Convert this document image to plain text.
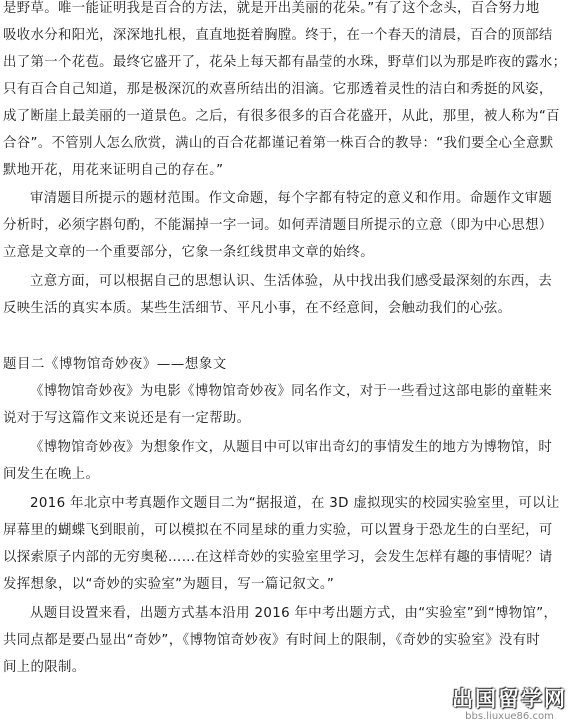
是野草。唯一能证明我是百合的方法，就是开出美丽的花朵。”有了这个念头，百合努力地
吸收水分和阳光，深深地扎根，直直地挺着胸膛。终于，在一个春天的清晨，百合的顶部结
出了第一个花苞。最终它盛开了，花朵上每天都有晶莹的水珠，野草们以为那是昨夜的露水；
只有百合自己知道，那是极深沉的欢喜所结出的泪滴。它那透着灵性的洁白和秀挺的风姿，
成了断崖上最美丽的一道景色。之后，有很多很多的百合花盛开，从此，那里，被人称为“百
合谷”。不管别人怎么欣赏，满山的百合花都谨记着第一株百合的教导：“我们要全心全意默
默地开花，用花来证明自己的存在。”
审清题目所提示的题材范围。作文命题，每个字都有特定的意义和作用。命题作文审题
分析时，必须字斟句酌，不能漏掉一字一词。如何弄清题目所提示的立意（即为中心思想）
立意是文章的一个重要部分，它象一条红线贯串文章的始终。
立意方面，可以根据自己的思想认识、生活体验，从中找出我们感受最深刻的东西，去
反映生活的真实本质。某些生活细节、平凡小事，在不经意间，会触动我们的心弦。
题目二《博物馆奇妙夜》——想象文
《博物馆奇妙夜》为电影《博物馆奇妙夜》同名作文，对于一些看过这部电影的童鞋来
说对于写这篇作文来说还是有一定帮助。
《博物馆奇妙夜》为想象作文，从题目中可以审出奇幻的事情发生的地方为博物馆，时
间发生在晚上。
2016 年北京中考真题作文题目二为“据报道，在 3D 虚拟现实的校园实验室里，可以让
屏幕里的蝴蝶飞到眼前，可以模拟在不同星球的重力实验，可以置身于恐龙生的白垩纪，可
以探索原子内部的无穷奥秘……在这样奇妙的实验室里学习，会发生怎样有趣的事情呢？请
发挥想象，以“奇妙的实验室”为题目，写一篇记叙文。”
从题目设置来看，出题方式基本沿用 2016 年中考出题方式，由“实验室”到“博物馆”，
共同点都是要凸显出“奇妙”，《博物馆奇妙夜》有时间上的限制，《奇妙的实验室》没有时
间上的限制。
出国留学网
bbs.liuxue86.com
